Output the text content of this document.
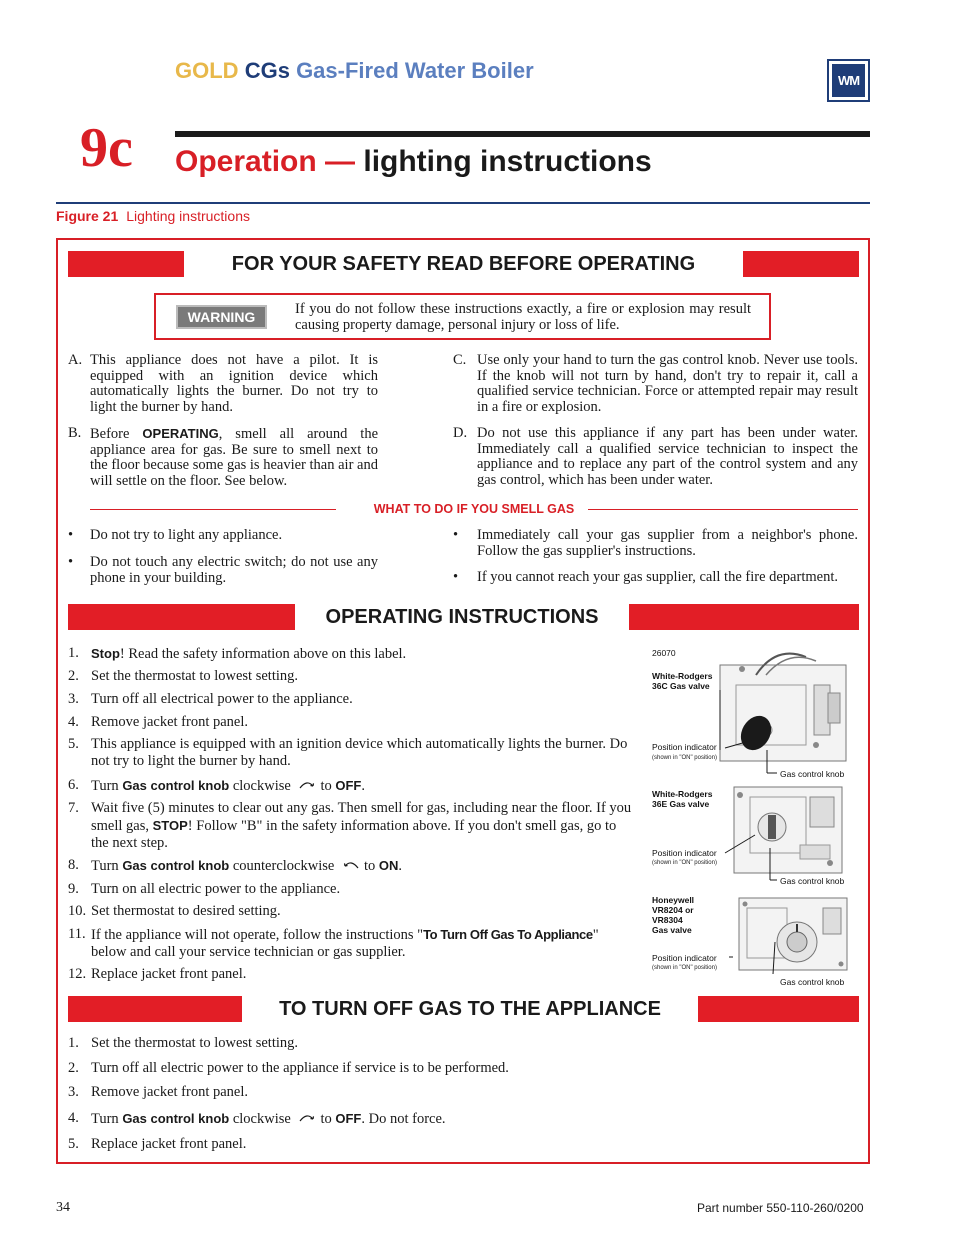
GOLD CGs Gas-Fired Water Boiler	WM
9c Operation — lighting instructions
Figure 21 Lighting instructions
FOR YOUR SAFETY READ BEFORE OPERATING
WARNING	If you do not follow these instructions exactly, a fire or explosion may result causing property damage, personal injury or loss of life.
A. This appliance does not have a pilot. It is equipped with an ignition device which automatically lights the burner. Do not try to light the burner by hand.
B. Before OPERATING, smell all around the appliance area for gas. Be sure to smell next to the floor because some gas is heavier than air and will settle on the floor. See below.
C. Use only your hand to turn the gas control knob. Never use tools. If the knob will not turn by hand, don't try to repair it, call a qualified service technician. Force or attempted repair may result in a fire or explosion.
D. Do not use this appliance if any part has been under water. Immediately call a qualified service technician to inspect the appliance and to replace any part of the control system and any gas control, which has been under water.
WHAT TO DO IF YOU SMELL GAS
• Do not try to light any appliance.
• Do not touch any electric switch; do not use any phone in your building.
• Immediately call your gas supplier from a neighbor's phone. Follow the gas supplier's instructions.
• If you cannot reach your gas supplier, call the fire department.
OPERATING INSTRUCTIONS
1. Stop! Read the safety information above on this label.
2. Set the thermostat to lowest setting.
3. Turn off all electrical power to the appliance.
4. Remove jacket front panel.
5. This appliance is equipped with an ignition device which automatically lights the burner. Do not try to light the burner by hand.
6. Turn Gas control knob clockwise to OFF.
7. Wait five (5) minutes to clear out any gas. Then smell for gas, including near the floor. If you smell gas, STOP! Follow "B" in the safety information above. If you don't smell gas, go to the next step.
8. Turn Gas control knob counterclockwise to ON.
9. Turn on all electric power to the appliance.
10. Set thermostat to desired setting.
11. If the appliance will not operate, follow the instructions "To Turn Off Gas To Appliance" below and call your service technician or gas supplier.
12. Replace jacket front panel.
26070
White-Rodgers
36C Gas valve
Position indicator
(shown in "ON" position)
Gas control knob
White-Rodgers
36E Gas valve
Position indicator
(shown in "ON" position)
Gas control knob
Honeywell
VR8204 or
VR8304
Gas valve
Position indicator
(shown in "ON" position)
Gas control knob
TO TURN OFF GAS TO THE APPLIANCE
1. Set the thermostat to lowest setting.
2. Turn off all electric power to the appliance if service is to be performed.
3. Remove jacket front panel.
4. Turn Gas control knob clockwise to OFF. Do not force.
5. Replace jacket front panel.
34	Part number 550-110-260/0200
